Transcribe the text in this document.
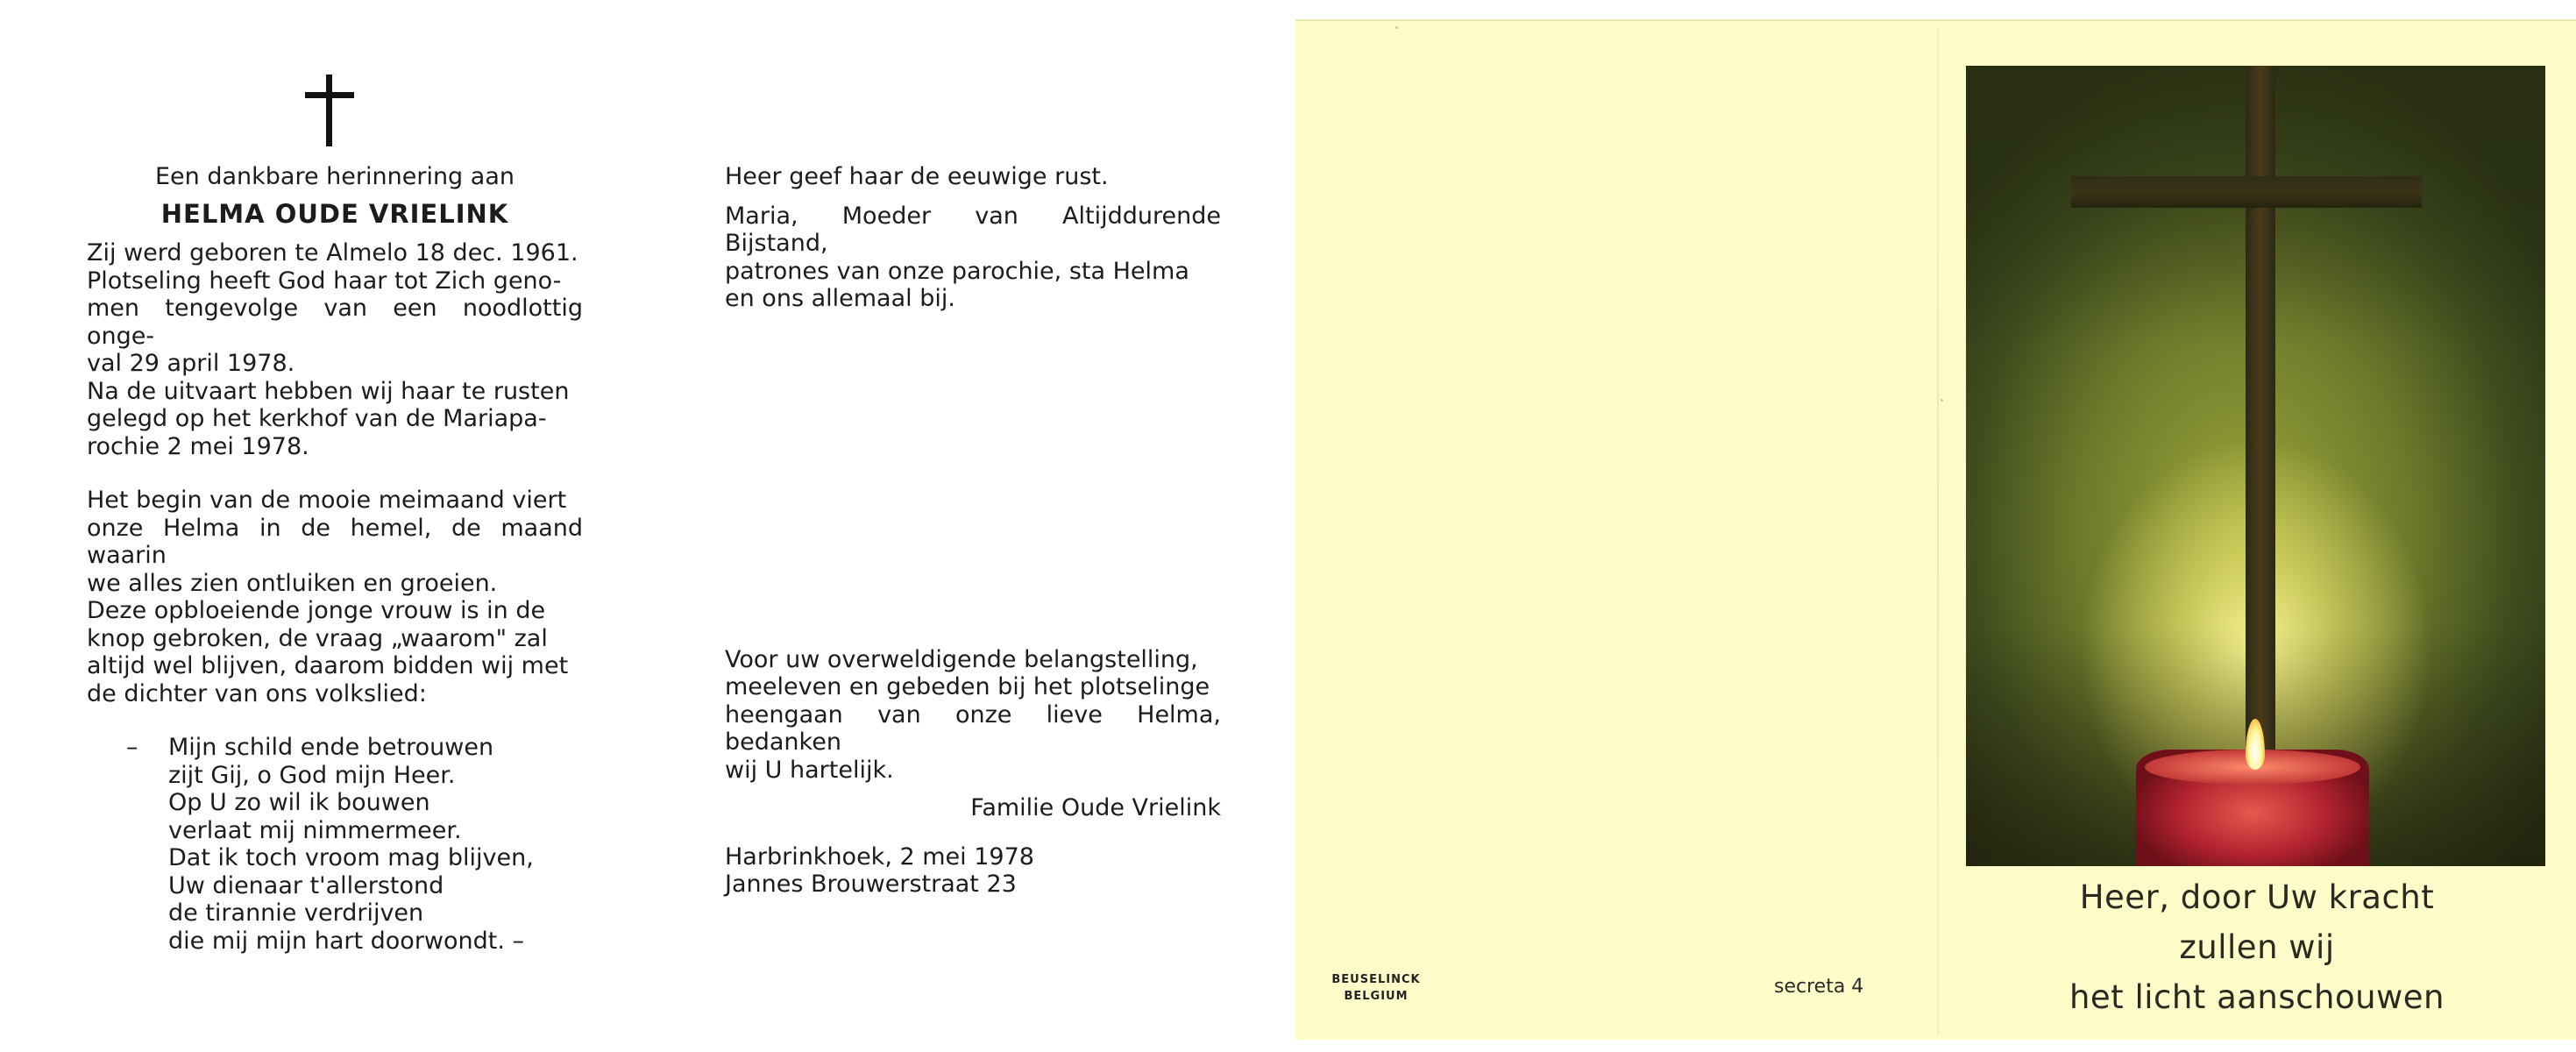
Een dankbare herinnering aan

HELMA OUDE VRIELINK

Zij werd geboren te Almelo 18 dec. 1961.

Plotseling heeft God haar tot Zich geno-

men tengevolge van een noodlottig onge-

val 29 april 1978.

Na de uitvaart hebben wij haar te rusten

gelegd op het kerkhof van de Mariapa-

rochie 2 mei 1978.

Het begin van de mooie meimaand viert

onze Helma in de hemel, de maand waarin

we alles zien ontluiken en groeien.

Deze opbloeiende jonge vrouw is in de

knop gebroken, de vraag „waarom" zal

altijd wel blijven, daarom bidden wij met

de dichter van ons volkslied:

– Mijn schild ende betrouwen

zijt Gij, o God mijn Heer.

Op U zo wil ik bouwen

verlaat mij nimmermeer.

Dat ik toch vroom mag blijven,

Uw dienaar t'allerstond

de tirannie verdrijven

die mij mijn hart doorwondt. –

Heer geef haar de eeuwige rust.

Maria, Moeder van Altijddurende Bijstand,

patrones van onze parochie, sta Helma

en ons allemaal bij.

Voor uw overweldigende belangstelling,

meeleven en gebeden bij het plotselinge

heengaan van onze lieve Helma, bedanken

wij U hartelijk.

Familie Oude Vrielink

Harbrinkhoek, 2 mei 1978

Jannes Brouwerstraat 23	Heer, door Uw kracht
zullen wij
het licht aanschouwen
BEUSELINCK
BELGIUM	secreta 4
